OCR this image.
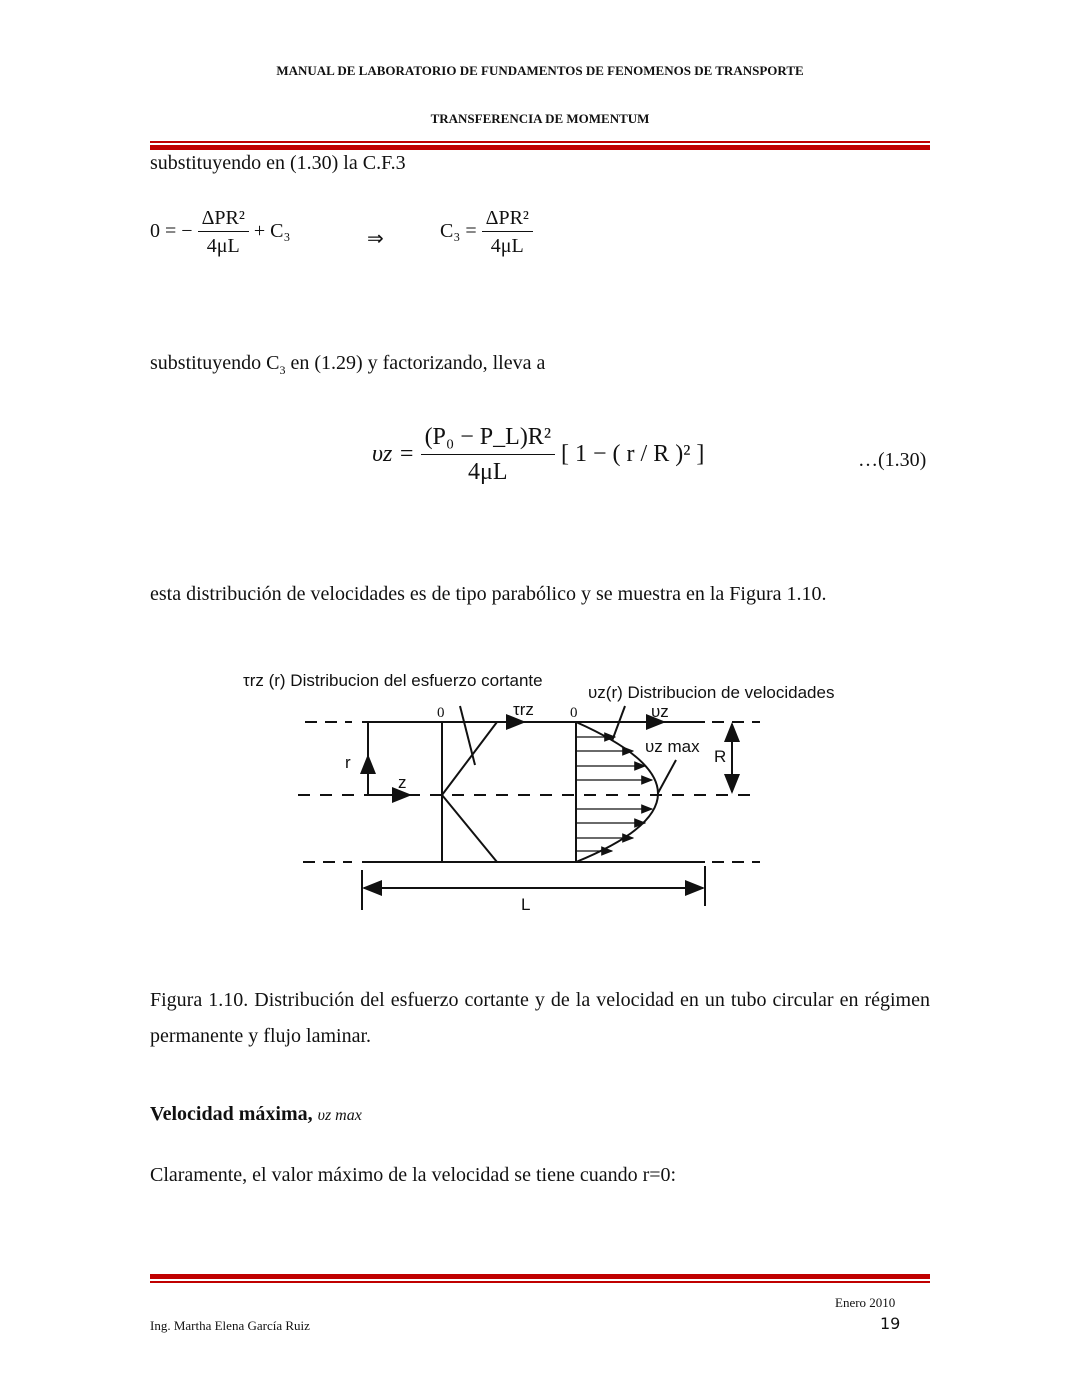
MANUAL DE LABORATORIO DE FUNDAMENTOS DE FENOMENOS DE TRANSPORTE
TRANSFERENCIA DE MOMENTUM
substituyendo en (1.30) la C.F.3
0 = − $\frac{\text{ΔPR²}}{4\mu L} + C_3$	⇒	$C_3 = \frac{\text{ΔPR²}}{4\mu L}$
substituyendo $C_3$ en (1.29) y factorizando, lleva a
$\upsilon z = \frac{\text{(P₀ − P\_L)R²}}{4\mu L}$ [ 1 − ( r / R )² ]	…(1.30)
esta distribución de velocidades es de tipo parabólico y se muestra en la Figura 1.10.
τrz (r) Distribucion del esfuerzo cortante
υz(r) Distribucion de velocidades
0	0
τrz	υz
υz max
r
z
R
L
Figura 1.10. Distribución del esfuerzo cortante y de la velocidad en un tubo circular en régimen permanente y flujo laminar.
Velocidad máxima, υz max
Claramente, el valor máximo de la velocidad se tiene cuando r=0:
Enero 2010
Ing. Martha Elena García Ruiz	19
